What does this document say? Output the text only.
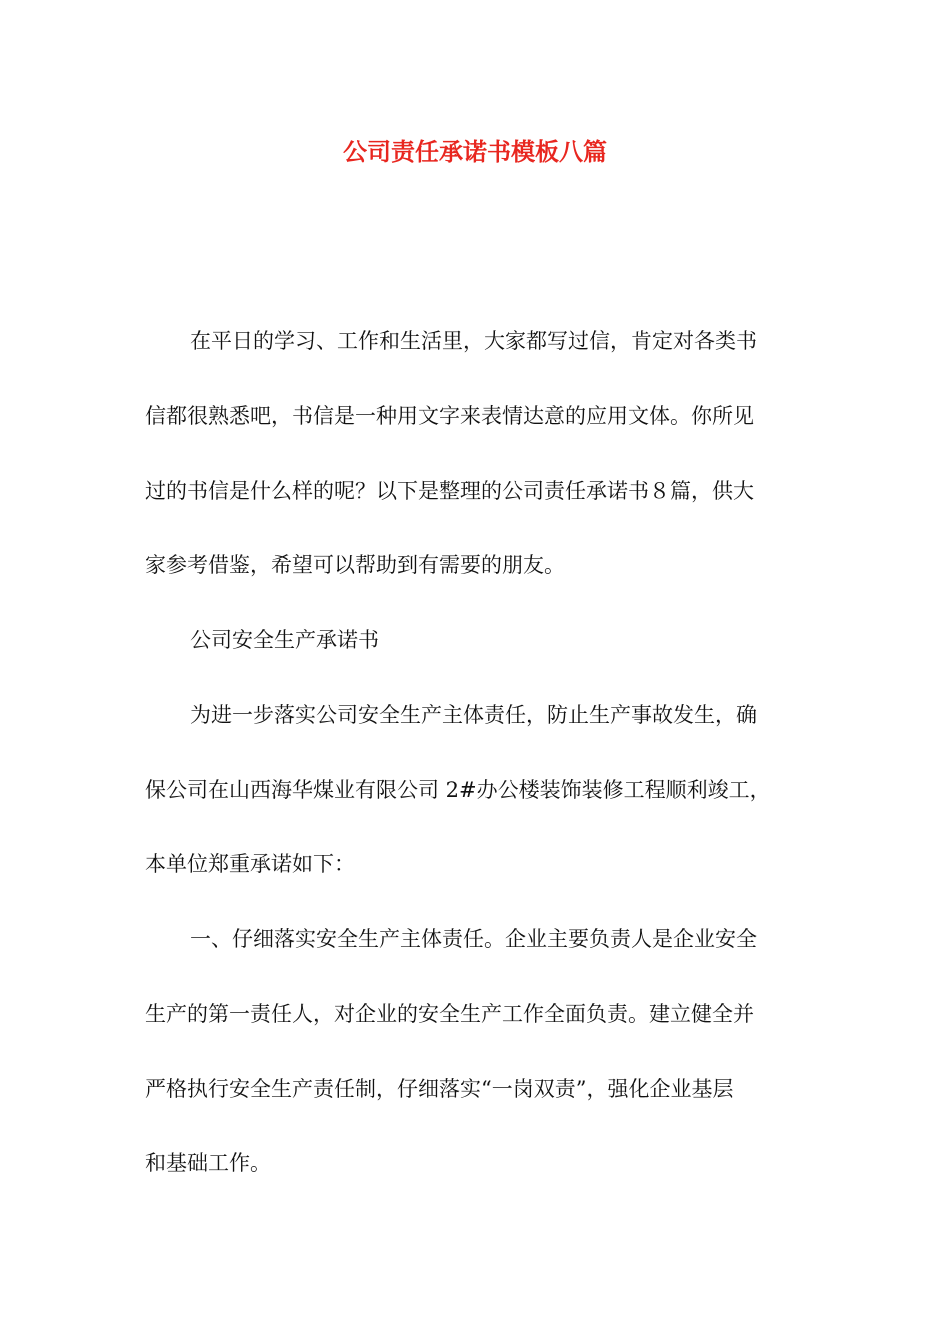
公司责任承诺书模板八篇
在平日的学习、工作和生活里，大家都写过信，肯定对各类书
信都很熟悉吧，书信是一种用文字来表情达意的应用文体。你所见
过的书信是什么样的呢？以下是整理的公司责任承诺书８篇，供大
家参考借鉴，希望可以帮助到有需要的朋友。
公司安全生产承诺书
为进一步落实公司安全生产主体责任，防止生产事故发生，确
保公司在山西海华煤业有限公司 2#办公楼装饰装修工程顺利竣工，
本单位郑重承诺如下：
一、仔细落实安全生产主体责任。企业主要负责人是企业安全
生产的第一责任人，对企业的安全生产工作全面负责。建立健全并
严格执行安全生产责任制，仔细落实“一岗双责”，强化企业基层
和基础工作。
